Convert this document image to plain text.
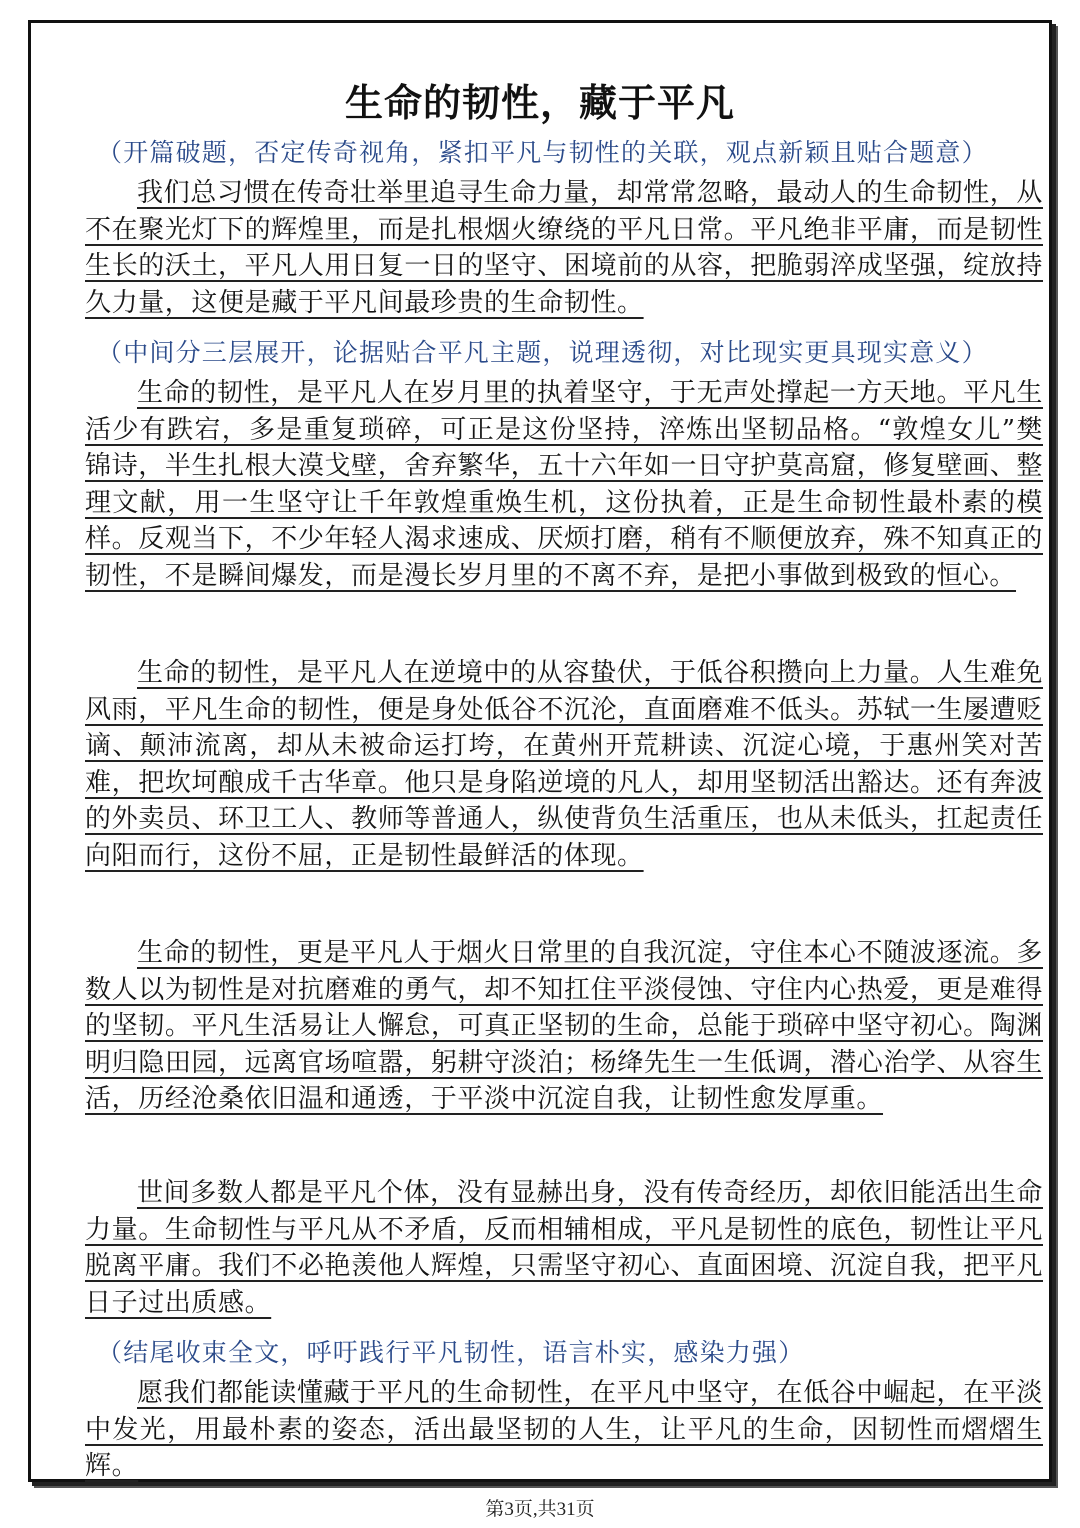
生命的韧性，藏于平凡
（开篇破题，否定传奇视角，紧扣平凡与韧性的关联，观点新颖且贴合题意）
我们总习惯在传奇壮举里追寻生命力量，却常常忽略，最动人的生命韧性，从不在聚光灯下的辉煌里，而是扎根烟火缭绕的平凡日常。平凡绝非平庸，而是韧性生长的沃土，平凡人用日复一日的坚守、困境前的从容，把脆弱淬成坚强，绽放持久力量，这便是藏于平凡间最珍贵的生命韧性。
（中间分三层展开，论据贴合平凡主题，说理透彻，对比现实更具现实意义）
生命的韧性，是平凡人在岁月里的执着坚守，于无声处撑起一方天地。平凡生活少有跌宕，多是重复琐碎，可正是这份坚持，淬炼出坚韧品格。“敦煌女儿”樊锦诗，半生扎根大漠戈壁，舍弃繁华，五十六年如一日守护莫高窟，修复壁画、整理文献，用一生坚守让千年敦煌重焕生机，这份执着，正是生命韧性最朴素的模样。反观当下，不少年轻人渴求速成、厌烦打磨，稍有不顺便放弃，殊不知真正的韧性，不是瞬间爆发，而是漫长岁月里的不离不弃，是把小事做到极致的恒心。
生命的韧性，是平凡人在逆境中的从容蛰伏，于低谷积攒向上力量。人生难免风雨，平凡生命的韧性，便是身处低谷不沉沦，直面磨难不低头。苏轼一生屡遭贬谪、颠沛流离，却从未被命运打垮，在黄州开荒耕读、沉淀心境，于惠州笑对苦难，把坎坷酿成千古华章。他只是身陷逆境的凡人，却用坚韧活出豁达。还有奔波的外卖员、环卫工人、教师等普通人，纵使背负生活重压，也从未低头，扛起责任向阳而行，这份不屈，正是韧性最鲜活的体现。
生命的韧性，更是平凡人于烟火日常里的自我沉淀，守住本心不随波逐流。多数人以为韧性是对抗磨难的勇气，却不知扛住平淡侵蚀、守住内心热爱，更是难得的坚韧。平凡生活易让人懈怠，可真正坚韧的生命，总能于琐碎中坚守初心。陶渊明归隐田园，远离官场喧嚣，躬耕守淡泊；杨绛先生一生低调，潜心治学、从容生活，历经沧桑依旧温和通透，于平淡中沉淀自我，让韧性愈发厚重。
世间多数人都是平凡个体，没有显赫出身，没有传奇经历，却依旧能活出生命力量。生命韧性与平凡从不矛盾，反而相辅相成，平凡是韧性的底色，韧性让平凡脱离平庸。我们不必艳羡他人辉煌，只需坚守初心、直面困境、沉淀自我，把平凡日子过出质感。
（结尾收束全文，呼吁践行平凡韧性，语言朴实，感染力强）
愿我们都能读懂藏于平凡的生命韧性，在平凡中坚守，在低谷中崛起，在平淡中发光，用最朴素的姿态，活出最坚韧的人生，让平凡的生命，因韧性而熠熠生辉。
第3页,共31页
